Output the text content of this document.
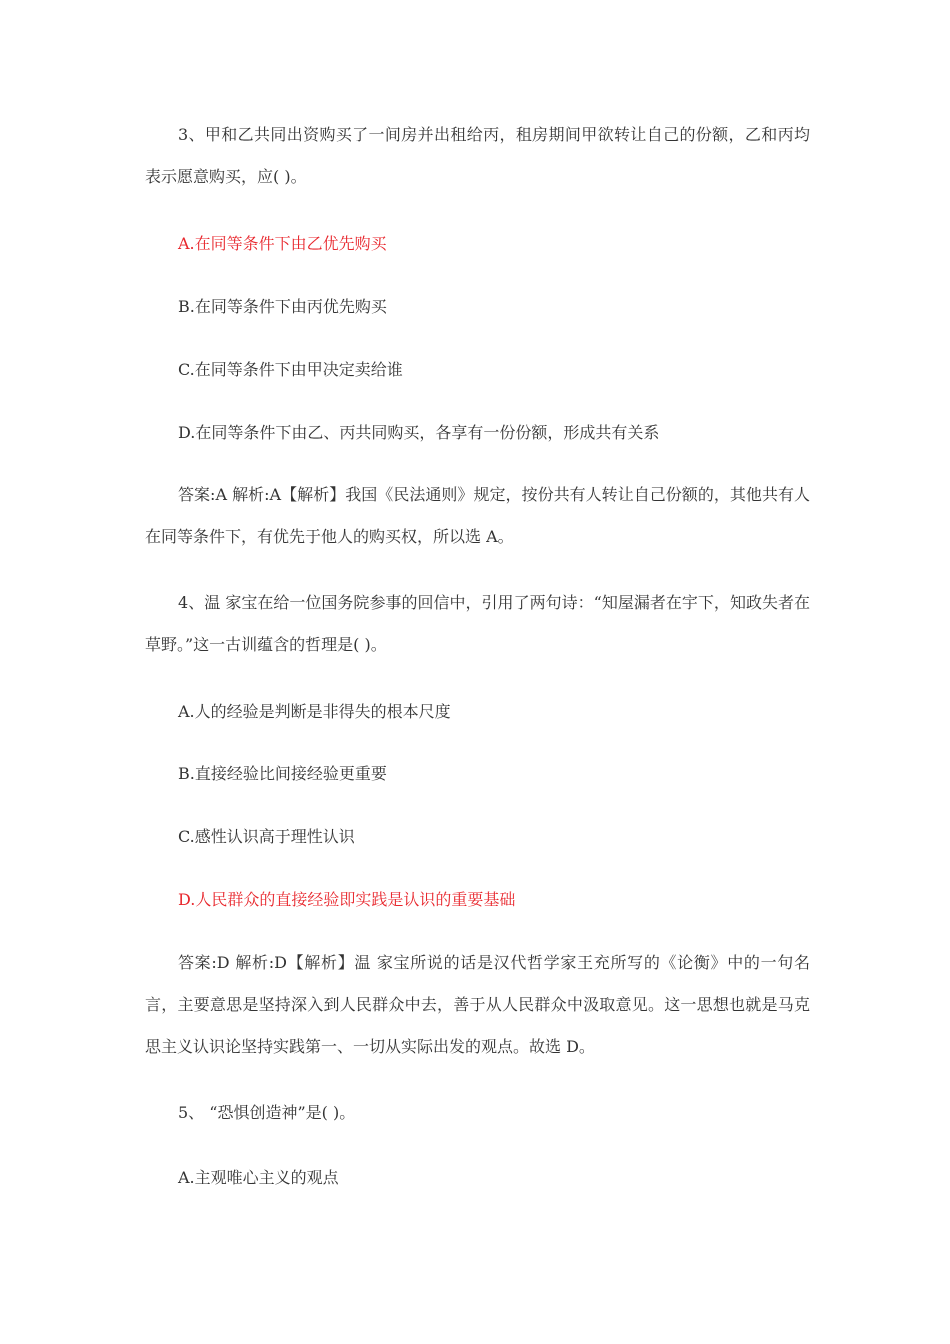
3、甲和乙共同出资购买了一间房并出租给丙，租房期间甲欲转让自己的份额，乙和丙均表示愿意购买，应( )。

A.在同等条件下由乙优先购买

B.在同等条件下由丙优先购买

C.在同等条件下由甲决定卖给谁

D.在同等条件下由乙、丙共同购买，各享有一份份额，形成共有关系

答案:A 解析:A【解析】我国《民法通则》规定，按份共有人转让自己份额的，其他共有人在同等条件下，有优先于他人的购买权，所以选 A。

4、温 家宝在给一位国务院参事的回信中，引用了两句诗：“知屋漏者在宇下，知政失者在草野。”这一古训蕴含的哲理是( )。

A.人的经验是判断是非得失的根本尺度

B.直接经验比间接经验更重要

C.感性认识高于理性认识

D.人民群众的直接经验即实践是认识的重要基础

答案:D 解析:D【解析】温 家宝所说的话是汉代哲学家王充所写的《论衡》中的一句名言，主要意思是坚持深入到人民群众中去，善于从人民群众中汲取意见。这一思想也就是马克思主义认识论坚持实践第一、一切从实际出发的观点。故选 D。

5、 “恐惧创造神”是( )。

A.主观唯心主义的观点
